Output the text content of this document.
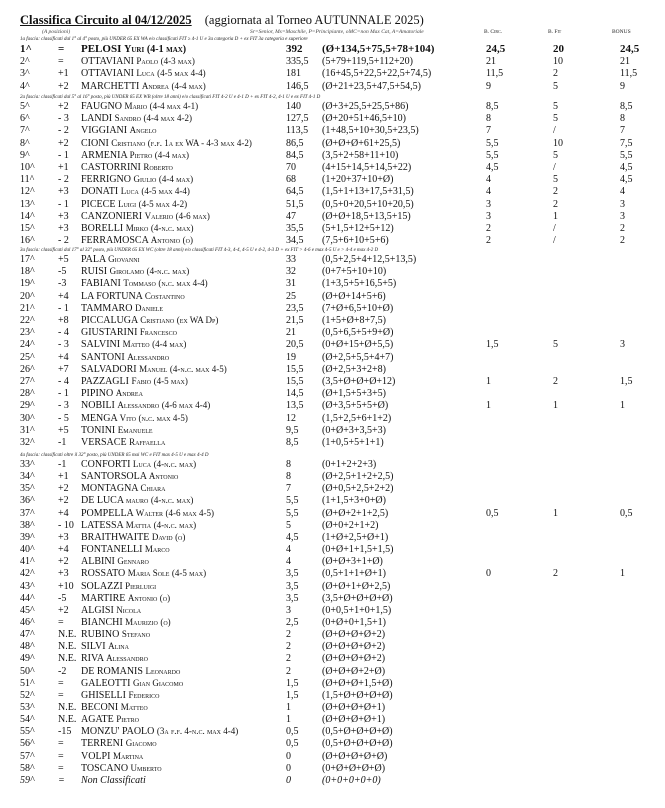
Classifica Circuito al 04/12/2025 (aggiornata al Torneo AUTUNNALE 2025)
(A posizioni)	Sr=Senior, Ms=Maschile, P=Principiante, oMC=non Max Cat, A=Amatoriale	B. Circ.	B. Fit	BONUS
1a fascia: classificati dal 1° al 4° posto, più UNDER 65 EX WA e/o classificati FIT ≥ 4-1 U e 3a categoria D + ex FIT 3a categoria e superiore
2a fascia: classificati dal 5° al 16° posto, più UNDER 65 EX WB (oltre 18 anni) e/o classificati FIT 4-2 U e 4-1 D + ex FIT 4-2, 4-1 U e ex FIT 4-1 D
3a fascia: classificati dal 17° al 32° posto, più UNDER 65 EX WC (oltre 18 anni) e/o classificati FIT 4-3, 4-4, 4-5 U e 4-2, 4-3 D + ex FIT > 4-6 e max 4-5 U e > 4-4 e max 4-2 D
4a fascia: classificati oltre il 32° posto, più UNDER 65 mai WC e FIT max 4-5 U e max 4-4 D
1^ = PELOSI Yuri (4-1 max)	392 (Ø+134,5+75,5+78+104)	24,5	20	24,5
2^	= OTTAVIANI Paolo (4-3 max)	335,5 (5+79+119,5+112+20)	21	10	21
3^	+1 OTTAVIANI Luca (4-5 max 4-4)	181 (16+45,5+22,5+22,5+74,5)	11,5	2	11,5
4^	+2 MARCHETTI Andrea (4-4 max)	146,5 (Ø+21+23,5+47,5+54,5)	9	5	9
5^	+2 FAUGNO Mario (4-4 max 4-1)	140 (Ø+3+25,5+25,5+86)	8,5	5	8,5
6^	- 3 LANDI Sandro (4-4 max 4-2)	127,5 (Ø+20+51+46,5+10)	8	5	8
7^	- 2 VIGGIANI Angelo	113,5 (1+48,5+10+30,5+23,5)	7	/	7
8^	+2 CIONI Cristiano (f.f. 1a ex WA - 4-3 max 4-2)	86,5 (Ø+Ø+Ø+61+25,5)	5,5	10	7,5
9^	- 1 ARMENIA Pietro (4-4 max)	84,5 (3,5+2+58+11+10)	5,5	5	5,5
10^ +1 CASTORRINI Roberto	70	(4+15+14,5+14,5+22)	4,5	/	4,5
11^ - 2 FERRIGNO Giulio (4-4 max)	68	(1+20+37+10+Ø)	4	5	4,5
12^ +3 DONATI Luca (4-5 max 4-4)	64,5 (1,5+1+13+17,5+31,5)	4	2	4
13^ - 1 PICECE Luigi (4-5 max 4-2)	51,5 (0,5+0+20,5+10+20,5)	3	2	3
14^ +3 CANZONIERI Valerio (4-6 max)	47	(Ø+Ø+18,5+13,5+15)	3	1	3
15^ +3 BORELLI Mirko (4-n.c. max)	35,5 (5+1,5+12+5+12)	2	/	2
16^ - 2 FERRAMOSCA Antonio (o)	34,5 (7,5+6+10+5+6)	2	/	2
17^ +5 PALA Giovanni	33	(0,5+2,5+4+12,5+13,5)
18^ -5 RUISI Girolamo (4-n.c. max)	32	(0+7+5+10+10)
19^ -3 FABIANI Tommaso (n.c. max 4-4)	31	(1+3,5+5+16,5+5)
20^ +4 LA FORTUNA Costantino	25	(Ø+Ø+14+5+6)
21^ - 1 TAMMARO Daniele	23,5 (7+Ø+6,5+10+Ø)
22^ +8 PICCALUGA Cristiano (ex WA Dp)	21,5 (1+5+Ø+8+7,5)
23^ - 4 GIUSTARINI Francesco	21	(0,5+6,5+5+9+Ø)
24^ - 3 SALVINI Matteo (4-4 max)	20,5 (0+Ø+15+Ø+5,5)	1,5	5	3
25^ +4 SANTONI Alessandro	19	(Ø+2,5+5,5+4+7)
26^ +7 SALVADORI Manuel (4-n.c. max 4-5)	15,5 (Ø+2,5+3+2+8)
27^ - 4 PAZZAGLI Fabio (4-5 max)	15,5 (3,5+Ø+Ø+Ø+12)	1	2	1,5
28^ - 1 PIPINO Andrea	14,5 (Ø+1,5+5+3+5)
29^ - 3 NOBILI Alessandro (4-6 max 4-4)	13,5 (Ø+3,5+5+5+Ø)	1	1	1
30^ - 5 MENGA Vito (n.c. max 4-5)	12	(1,5+2,5+6+1+2)
31^ +5 TONINI Emanuele	9,5 (0+Ø+3+3,5+3)
32^ -1 VERSACE Raffaella	8,5 (1+0,5+5+1+1)
33^ -1 CONFORTI Luca (4-n.c. max)	8	(0+1+2+2+3)
34^ +1 SANTORSOLA Antonio	8	(Ø+2,5+1+2+2,5)
35^ +2 MONTAGNA Chiara	7	(Ø+0,5+2,5+2+2)
36^ +2 DE LUCA mauro (4-n.c. max)	5,5 (1+1,5+3+0+Ø)
37^ +4 POMPELLA Walter (4-6 max 4-5)	5,5 (Ø+Ø+2+1+2,5)	0,5	1	0,5
38^ - 10 LATESSA Mattia (4-n.c. max)	5	(Ø+0+2+1+2)
39^ +3 BRAITHWAITE David (o)	4,5 (1+Ø+2,5+Ø+1)
40^ +4 FONTANELLI Marco	4	(0+Ø+1+1,5+1,5)
41^ +2 ALBINI Gennaro	4	(Ø+Ø+3+1+Ø)
42^ +3 ROSSATO Maria Sole (4-5 max)	3,5 (0,5+1+1+Ø+1)	0	2	1
43^ +10 SOLAZZI Pierluigi	3,5 (Ø+Ø+1+Ø+2,5)
44^ -5 MARTIRE Antonio (o)	3,5 (3,5+Ø+Ø+Ø+Ø)
45^ +2 ALGISI Nicola	3	(0+0,5+1+0+1,5)
46^ = BIANCHI Maurizio (o)	2,5 (0+Ø+0+1,5+1)
47^ N.E. RUBINO Stefano	2	(Ø+Ø+Ø+Ø+2)
48^ N.E. SILVI Alina	2	(Ø+Ø+Ø+Ø+2)
49^ N.E. RIVA Alessandro	2	(Ø+Ø+Ø+Ø+2)
50^ -2 DE ROMANIS Leonardo	2	(Ø+Ø+Ø+2+Ø)
51^ = GALEOTTI Gian Giacomo	1,5 (Ø+Ø+Ø+1,5+Ø)
52^ = GHISELLI Federico	1,5 (1,5+Ø+Ø+Ø+Ø)
53^ N.E. BECONI Matteo	1	(Ø+Ø+Ø+Ø+1)
54^ N.E. AGATE Pietro	1	(Ø+Ø+Ø+Ø+1)
55^ -15 MONZU' PAOLO (3a f.f. 4-n.c. max 4-4)	0,5 (0,5+Ø+Ø+Ø+Ø)
56^ = TERRENI Giacomo	0,5 (0,5+Ø+Ø+Ø+Ø)
57^ = VOLPI Martina	0	(Ø+Ø+Ø+Ø+Ø)
58^ = TOSCANO Umberto	0	(0+Ø+Ø+Ø+Ø)
59^ = Non Classificati	0	(0+0+0+0+0)
